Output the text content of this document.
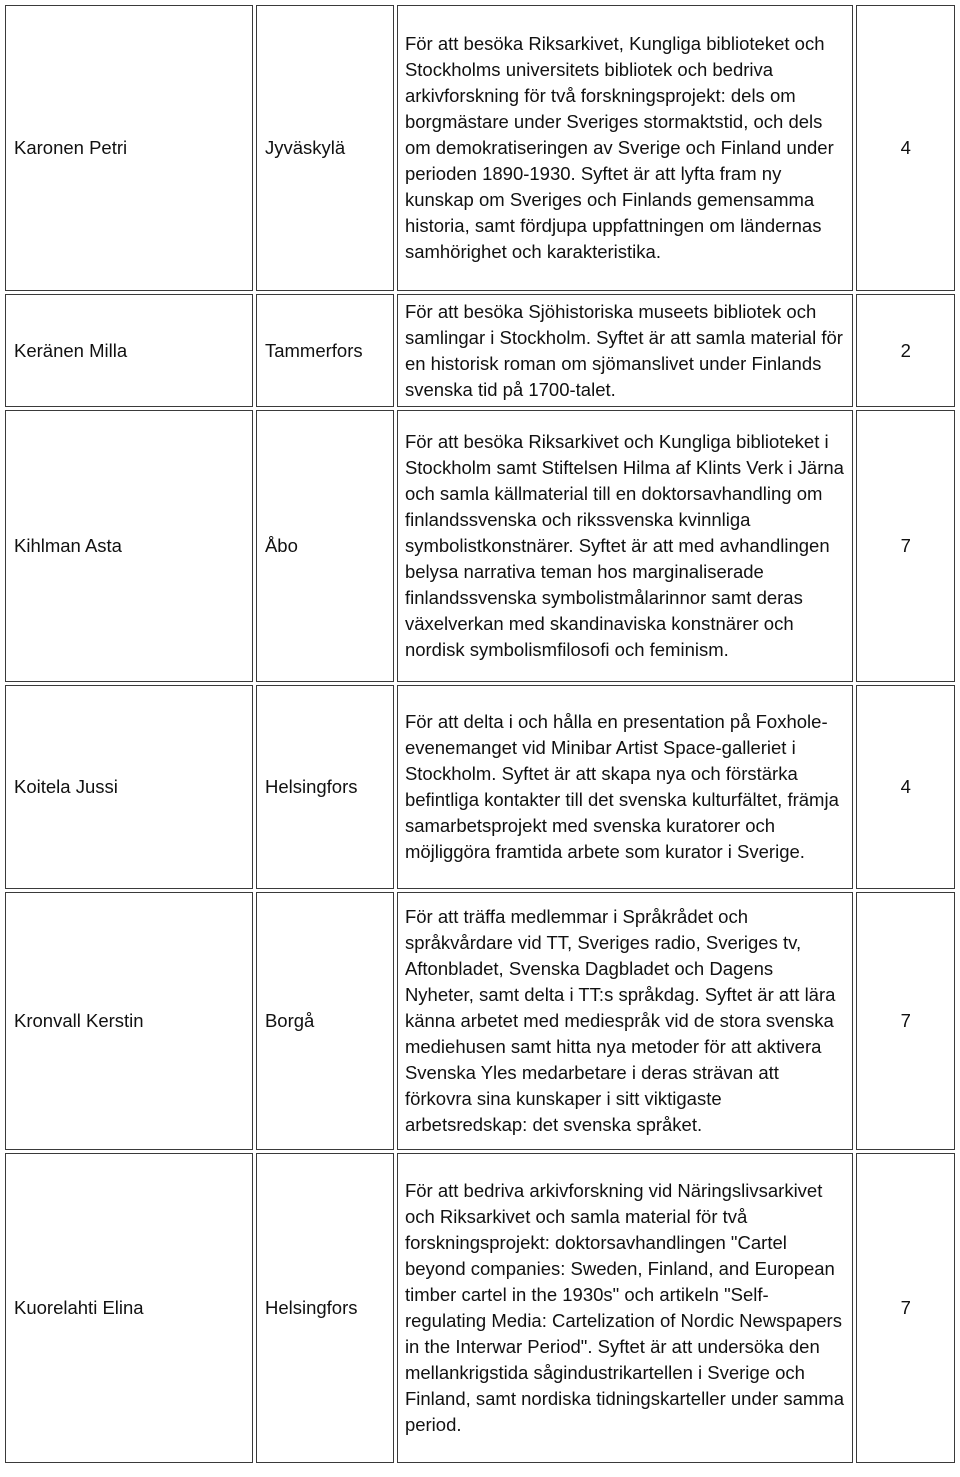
Karonen Petri	Jyväskylä	För att besöka Riksarkivet, Kungliga biblioteket och Stockholms universitets bibliotek och bedriva arkivforskning för två forskningsprojekt: dels om borgmästare under Sveriges stormaktstid, och dels om demokratiseringen av Sverige och Finland under perioden 1890-1930. Syftet är att lyfta fram ny kunskap om Sveriges och Finlands gemensamma historia, samt fördjupa uppfattningen om ländernas samhörighet och karakteristika.	4
Keränen Milla	Tammerfors	För att besöka Sjöhistoriska museets bibliotek och samlingar i Stockholm. Syftet är att samla material för en historisk roman om sjömanslivet under Finlands svenska tid på 1700-talet.	2
Kihlman Asta	Åbo	För att besöka Riksarkivet och Kungliga biblioteket i Stockholm samt Stiftelsen Hilma af Klints Verk i Järna och samla källmaterial till en doktorsavhandling om finlandssvenska och rikssvenska kvinnliga symbolistkonstnärer. Syftet är att med avhandlingen belysa narrativa teman hos marginaliserade finlandssvenska symbolistmålarinnor samt deras växelverkan med skandinaviska konstnärer och nordisk symbolismfilosofi och feminism.	7
Koitela Jussi	Helsingfors	För att delta i och hålla en presentation på Foxhole-evenemanget vid Minibar Artist Space-galleriet i Stockholm. Syftet är att skapa nya och förstärka befintliga kontakter till det svenska kulturfältet, främja samarbetsprojekt med svenska kuratorer och möjliggöra framtida arbete som kurator i Sverige.	4
Kronvall Kerstin	Borgå	För att träffa medlemmar i Språkrådet och språkvårdare vid TT, Sveriges radio, Sveriges tv, Aftonbladet, Svenska Dagbladet och Dagens Nyheter, samt delta i TT:s språkdag. Syftet är att lära känna arbetet med mediespråk vid de stora svenska mediehusen samt hitta nya metoder för att aktivera Svenska Yles medarbetare i deras strävan att förkovra sina kunskaper i sitt viktigaste arbetsredskap: det svenska språket.	7
Kuorelahti Elina	Helsingfors	För att bedriva arkivforskning vid Näringslivsarkivet och Riksarkivet och samla material för två forskningsprojekt: doktorsavhandlingen "Cartel beyond companies: Sweden, Finland, and European timber cartel in the 1930s" och artikeln "Self-regulating Media: Cartelization of Nordic Newspapers in the Interwar Period". Syftet är att undersöka den mellankrigstida sågindustrikartellen i Sverige och Finland, samt nordiska tidningskarteller under samma period.	7
